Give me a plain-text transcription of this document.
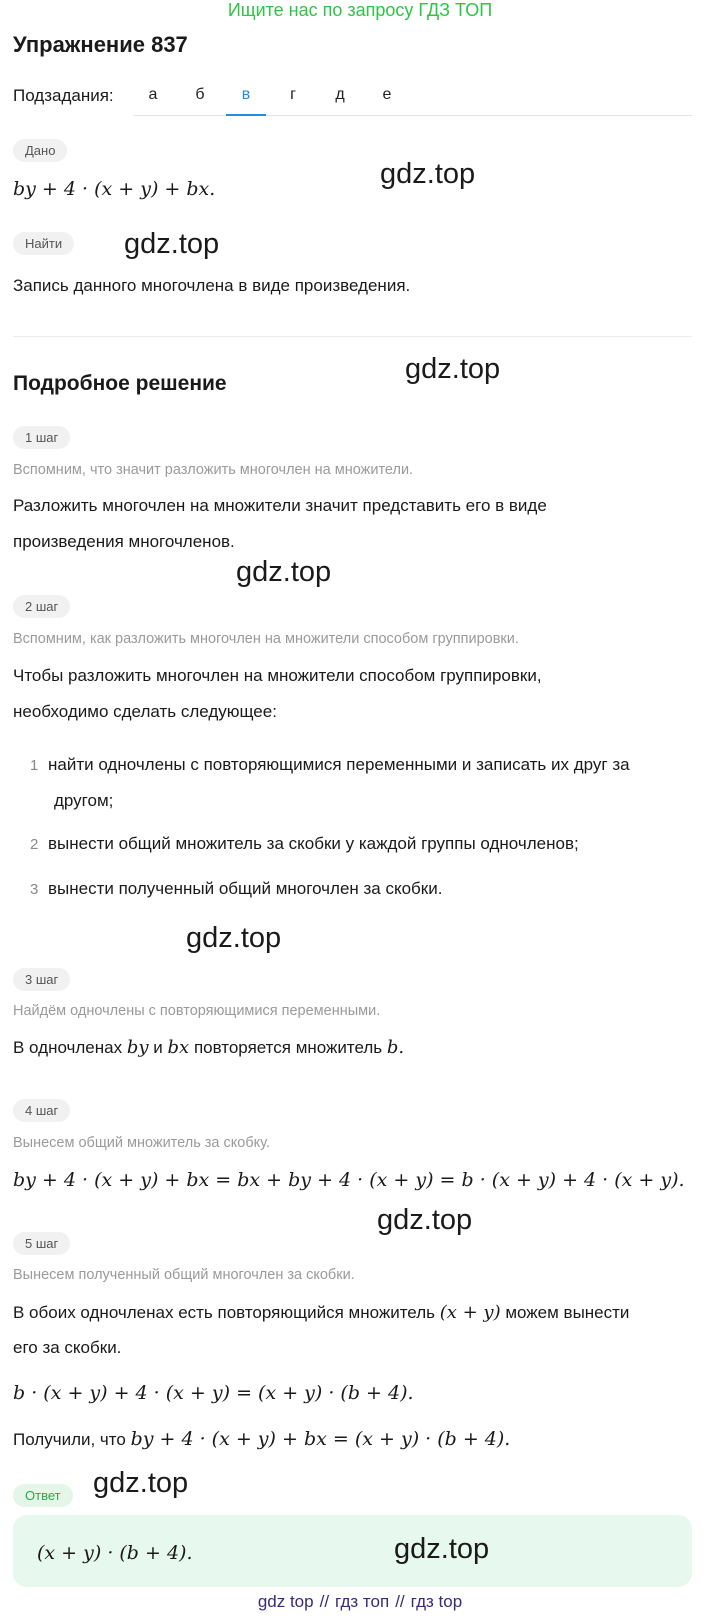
Ищите нас по запросу ГДЗ ТОП
Упражнение 837
Подзадания:	а	б	в	г	д	е
Дано
by + 4 · (x + y) + bx.	gdz.top
Найти	gdz.top
Запись данного многочлена в виде произведения.
Подробное решение	gdz.top
1 шаг
Вспомним, что значит разложить многочлен на множители.
Разложить многочлен на множители значит представить его в виде
произведения многочленов.
gdz.top
2 шаг
Вспомним, как разложить многочлен на множители способом группировки.
Чтобы разложить многочлен на множители способом группировки,
необходимо сделать следующее:
1 найти одночлены с повторяющимися переменными и записать их друг за
другом;
2 вынести общий множитель за скобки у каждой группы одночленов;
3 вынести полученный общий многочлен за скобки.
gdz.top
3 шаг
Найдём одночлены с повторяющимися переменными.
В одночленах by и bx повторяется множитель b.
4 шаг
Вынесем общий множитель за скобку.
by + 4 · (x + y) + bx = bx + by + 4 · (x + y) = b · (x + y) + 4 · (x + y).
gdz.top
5 шаг
Вынесем полученный общий многочлен за скобки.
В обоих одночленах есть повторяющийся множитель (x + y) можем вынести
его за скобки.
b · (x + y) + 4 · (x + y) = (x + y) · (b + 4).
Получили, что by + 4 · (x + y) + bx = (x + y) · (b + 4).
Ответ	gdz.top
(x + y) · (b + 4).	gdz.top
gdz top // гдз топ // гдз top
